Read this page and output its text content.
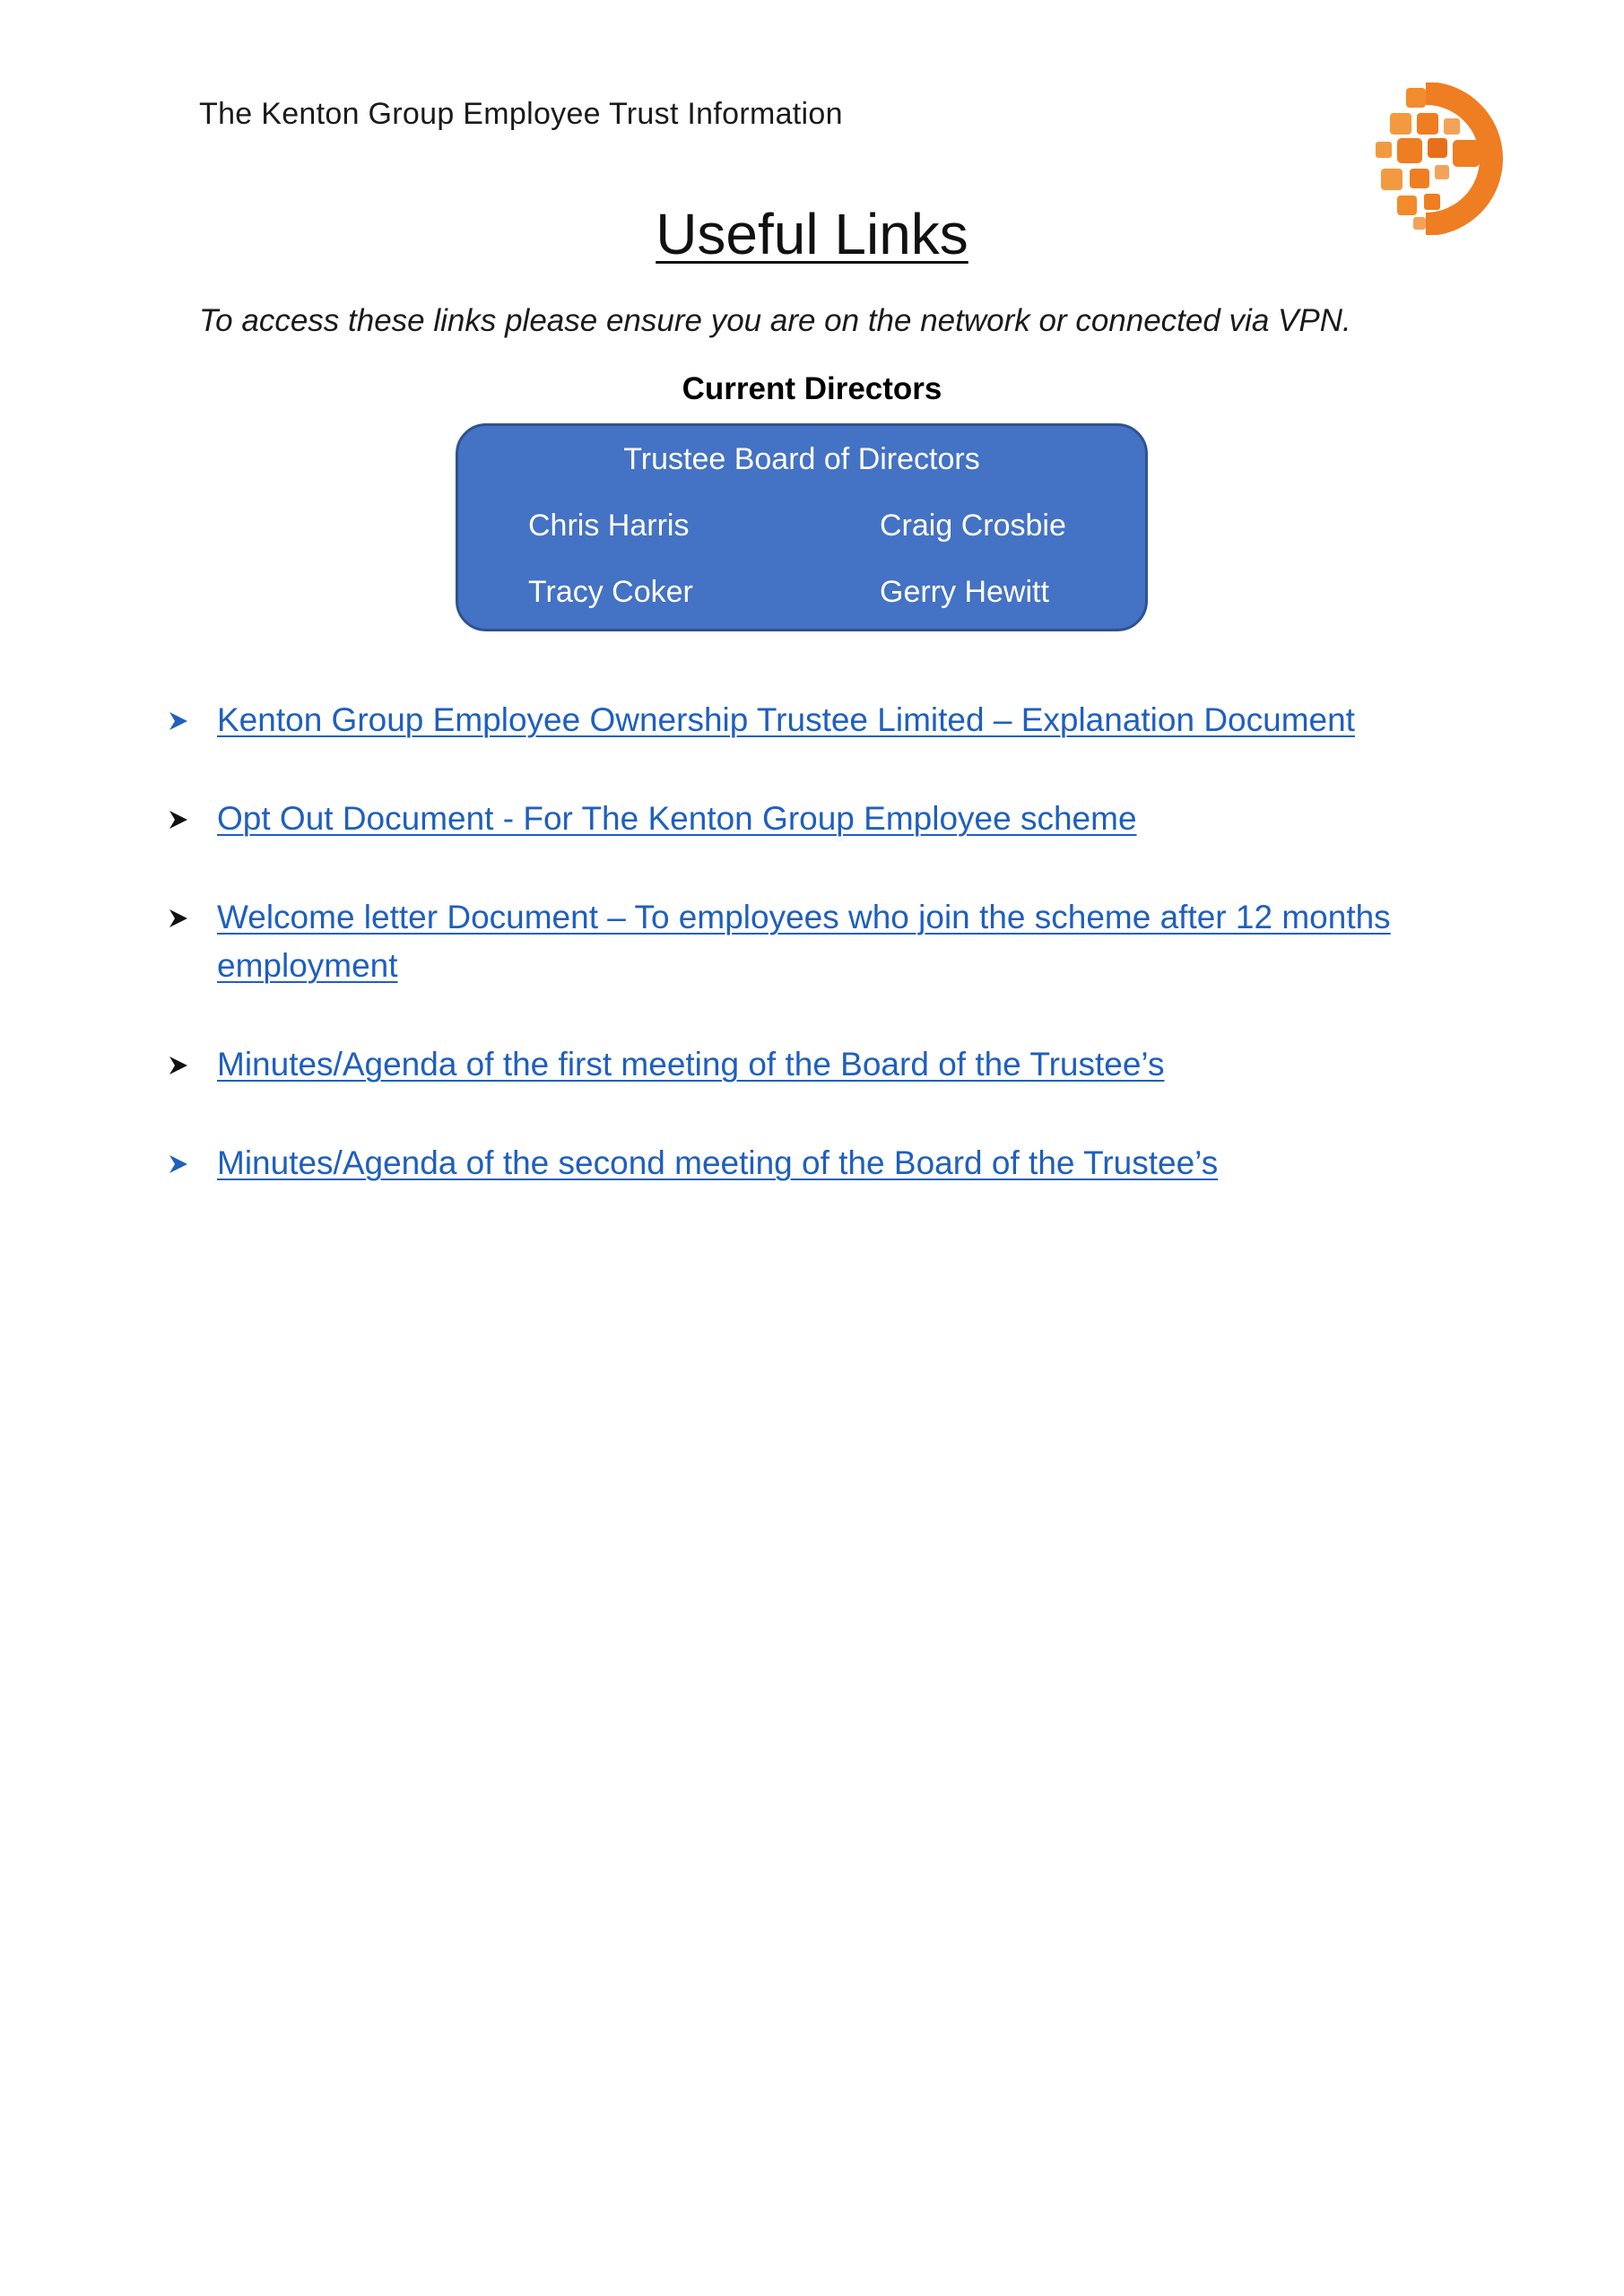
The Kenton Group Employee Trust Information
Useful Links
To access these links please ensure you are on the network or connected via VPN.
Current Directors
Trustee Board of Directors
Chris Harris	Craig Crosbie
Tracy Coker	Gerry Hewitt
Kenton Group Employee Ownership Trustee Limited – Explanation Document
Opt Out Document - For The Kenton Group Employee scheme
Welcome letter Document – To employees who join the scheme after 12 months employment
Minutes/Agenda of the first meeting of the Board of the Trustee’s
Minutes/Agenda of the second meeting of the Board of the Trustee’s
